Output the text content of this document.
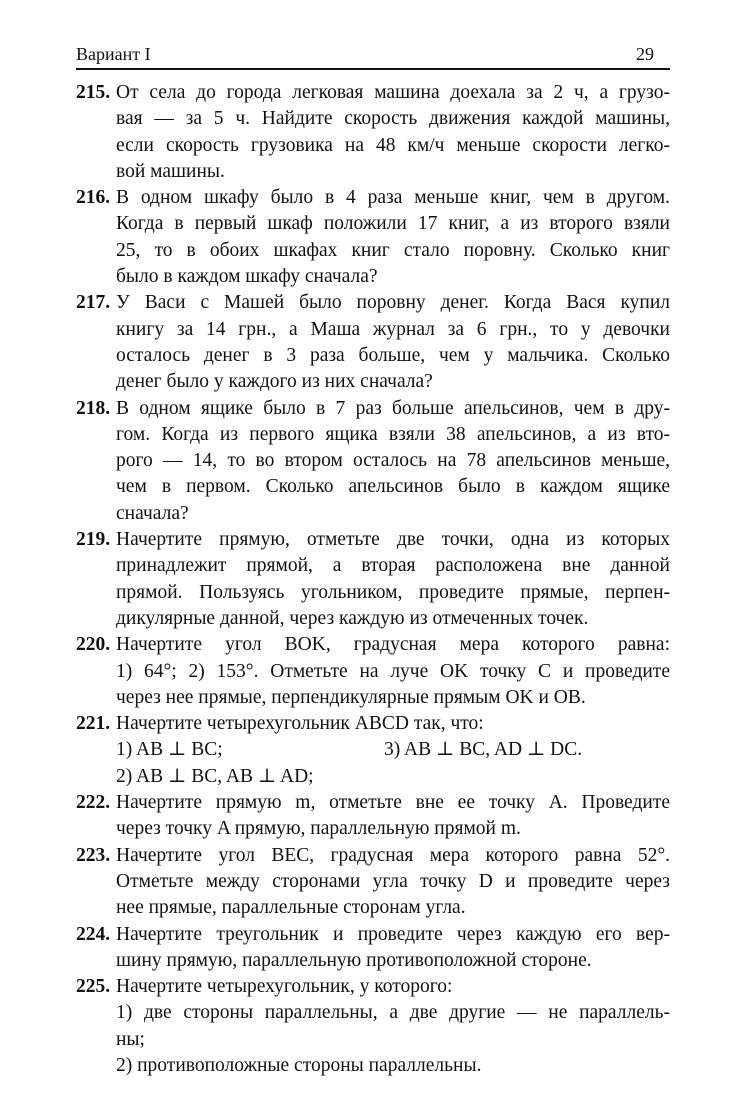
Вариант I	29
215. От села до города легковая машина доехала за 2 ч, а грузо-
вая — за 5 ч. Найдите скорость движения каждой машины,
если скорость грузовика на 48 км/ч меньше скорости легко-
вой машины.
216. В одном шкафу было в 4 раза меньше книг, чем в другом.
Когда в первый шкаф положили 17 книг, а из второго взяли
25, то в обоих шкафах книг стало поровну. Сколько книг
было в каждом шкафу сначала?
217. У Васи с Машей было поровну денег. Когда Вася купил
книгу за 14 грн., а Маша журнал за 6 грн., то у девочки
осталось денег в 3 раза больше, чем у мальчика. Сколько
денег было у каждого из них сначала?
218. В одном ящике было в 7 раз больше апельсинов, чем в дру-
гом. Когда из первого ящика взяли 38 апельсинов, а из вто-
рого — 14, то во втором осталось на 78 апельсинов меньше,
чем в первом. Сколько апельсинов было в каждом ящике
сначала?
219. Начертите прямую, отметьте две точки, одна из которых
принадлежит прямой, а вторая расположена вне данной
прямой. Пользуясь угольником, проведите прямые, перпен-
дикулярные данной, через каждую из отмеченных точек.
220. Начертите угол BOK, градусная мера которого равна:
1) 64°; 2) 153°. Отметьте на луче OK точку C и проведите
через нее прямые, перпендикулярные прямым OK и OB.
221. Начертите четырехугольник ABCD так, что:
1) AB ⊥ BC;	3) AB ⊥ BC, AD ⊥ DC.
2) AB ⊥ BC, AB ⊥ AD;
222. Начертите прямую m, отметьте вне ее точку A. Проведите
через точку A прямую, параллельную прямой m.
223. Начертите угол BEC, градусная мера которого равна 52°.
Отметьте между сторонами угла точку D и проведите через
нее прямые, параллельные сторонам угла.
224. Начертите треугольник и проведите через каждую его вер-
шину прямую, параллельную противоположной стороне.
225. Начертите четырехугольник, у которого:
1) две стороны параллельны, а две другие — не параллель-
ны;
2) противоположные стороны параллельны.
